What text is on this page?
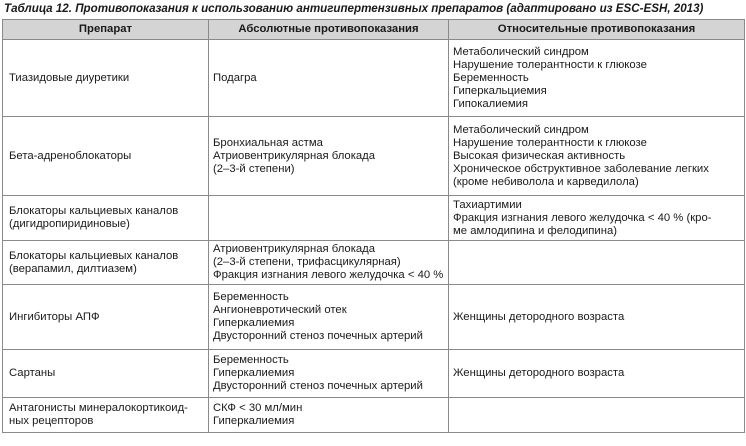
Таблица 12. Противопоказания к использованию антигипертензивных препаратов (адаптировано из ESC-ESH, 2013)
Препарат	Абсолютные противопоказания	Относительные противопоказания

Тиазидовые диуретики	Подагра	Метаболический синдром
Нарушение толерантности к глюкозе
Беременность
Гиперкальциемия
Гипокалиемия

Бета-адреноблокаторы	Бронхиальная астма
Атриовентрикулярная блокада
(2–3-й степени)	Метаболический синдром
Нарушение толерантности к глюкозе
Высокая физическая активность
Хроническое обструктивное заболевание легких
(кроме небиволола и карведилола)

Блокаторы кальциевых каналов
(дигидропиридиновые)		Тахиартимии
Фракция изгнания левого желудочка < 40 % (кро-
ме амлодипина и фелодипина)

Блокаторы кальциевых каналов
(верапамил, дилтиазем)	Атриовентрикулярная блокада
(2–3-й степени, трифасцикулярная)
Фракция изгнания левого желудочка < 40 %	

Ингибиторы АПФ	Беременность
Ангионевротический отек
Гиперкалиемия
Двусторонний стеноз почечных артерий	Женщины детородного возраста

Сартаны	Беременность
Гиперкалиемия
Двусторонний стеноз почечных артерий	Женщины детородного возраста

Антагонисты минералокортикоид-
ных рецепторов	СКФ < 30 мл/мин
Гиперкалиемия	
